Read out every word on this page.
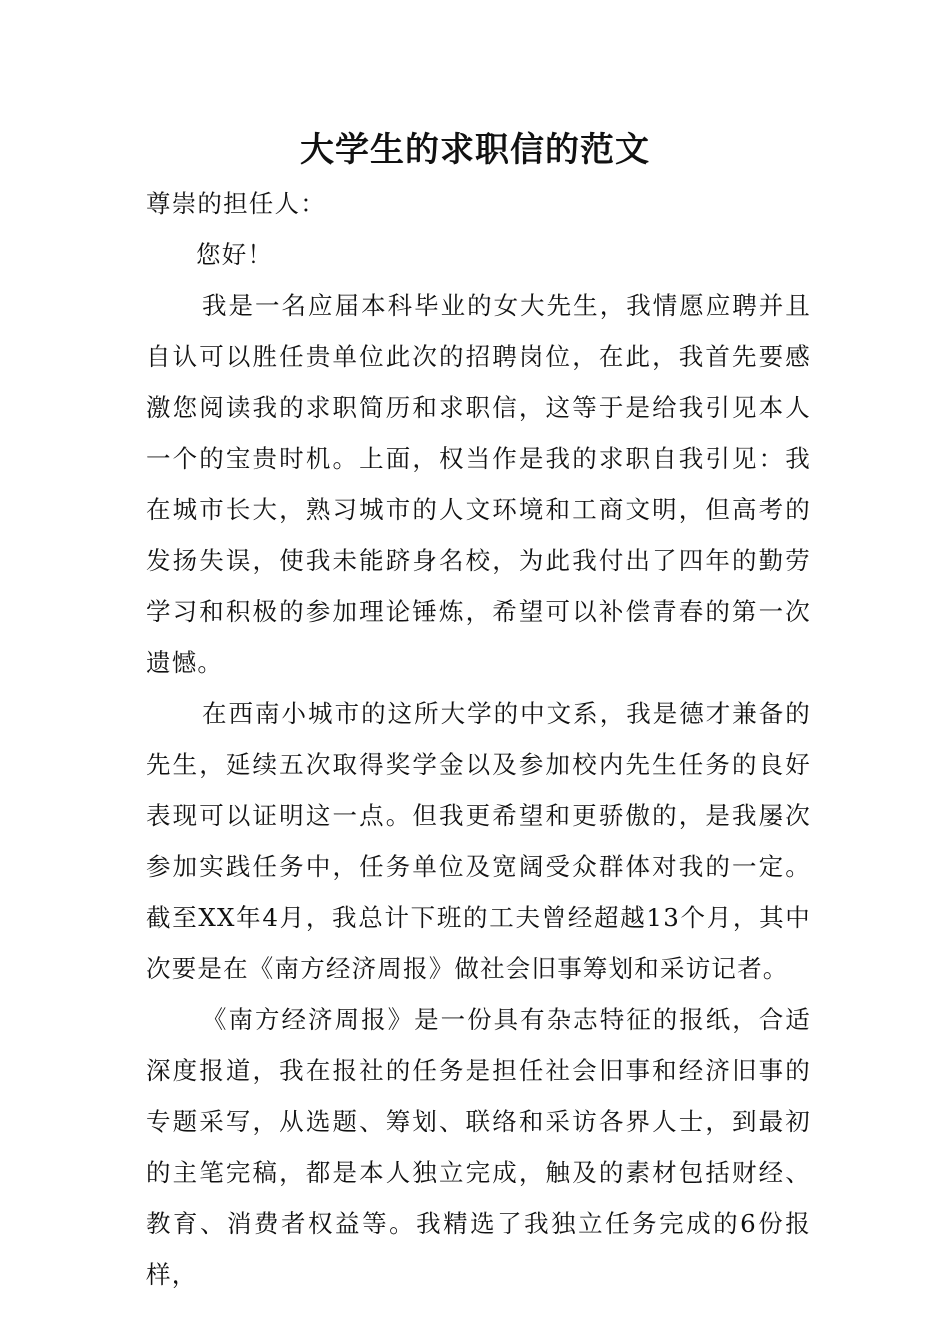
大学生的求职信的范文

尊崇的担任人：

您好！

我是一名应届本科毕业的女大先生，我情愿应聘并且自认可以胜任贵单位此次的招聘岗位，在此，我首先要感激您阅读我的求职简历和求职信，这等于是给我引见本人一个的宝贵时机。上面，权当作是我的求职自我引见：我在城市长大，熟习城市的人文环境和工商文明，但高考的发扬失误，使我未能跻身名校，为此我付出了四年的勤劳学习和积极的参加理论锤炼，希望可以补偿青春的第一次遗憾。

在西南小城市的这所大学的中文系，我是德才兼备的先生，延续五次取得奖学金以及参加校内先生任务的良好表现可以证明这一点。但我更希望和更骄傲的，是我屡次参加实践任务中，任务单位及宽阔受众群体对我的一定。截至XX年4月，我总计下班的工夫曾经超越13个月，其中次要是在《南方经济周报》做社会旧事筹划和采访记者。

《南方经济周报》是一份具有杂志特征的报纸，合适深度报道，我在报社的任务是担任社会旧事和经济旧事的专题采写，从选题、筹划、联络和采访各界人士，到最初的主笔完稿，都是本人独立完成，触及的素材包括财经、教育、消费者权益等。我精选了我独立任务完成的6份报样，
